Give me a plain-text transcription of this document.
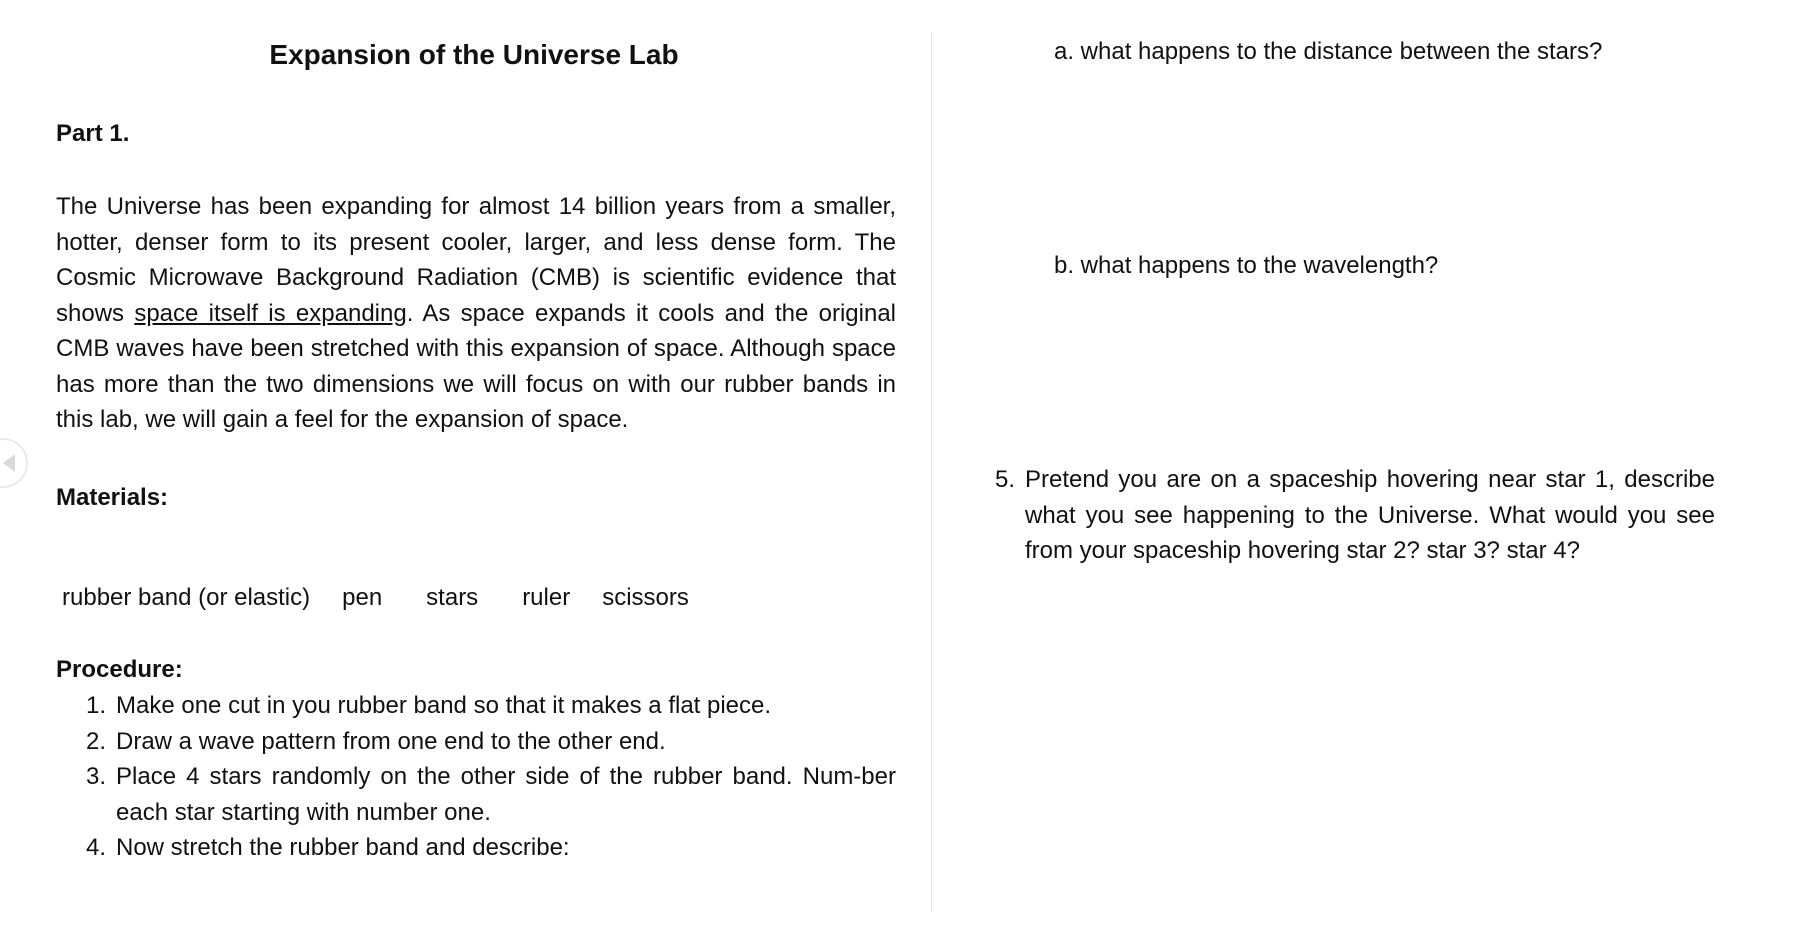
Expansion of the Universe Lab
Part 1.
The Universe has been expanding for almost 14 billion years from a smaller, hotter, denser form to its present cooler, larger, and less dense form. The Cosmic Microwave Background Radiation (CMB) is scientific evidence that shows space itself is expanding. As space expands it cools and the original CMB waves have been stretched with this expansion of space. Although space has more than the two dimensions we will focus on with our rubber bands in this lab, we will gain a feel for the expansion of space.
Materials:
rubber band (or elastic) pen stars ruler scissors
Procedure:
1. Make one cut in you rubber band so that it makes a flat piece.
2. Draw a wave pattern from one end to the other end.
3. Place 4 stars randomly on the other side of the rubber band. Num-ber each star starting with number one.
4. Now stretch the rubber band and describe:
a. what happens to the distance between the stars?
b. what happens to the wavelength?
5. Pretend you are on a spaceship hovering near star 1, describe what you see happening to the Universe. What would you see from your spaceship hovering star 2? star 3? star 4?
